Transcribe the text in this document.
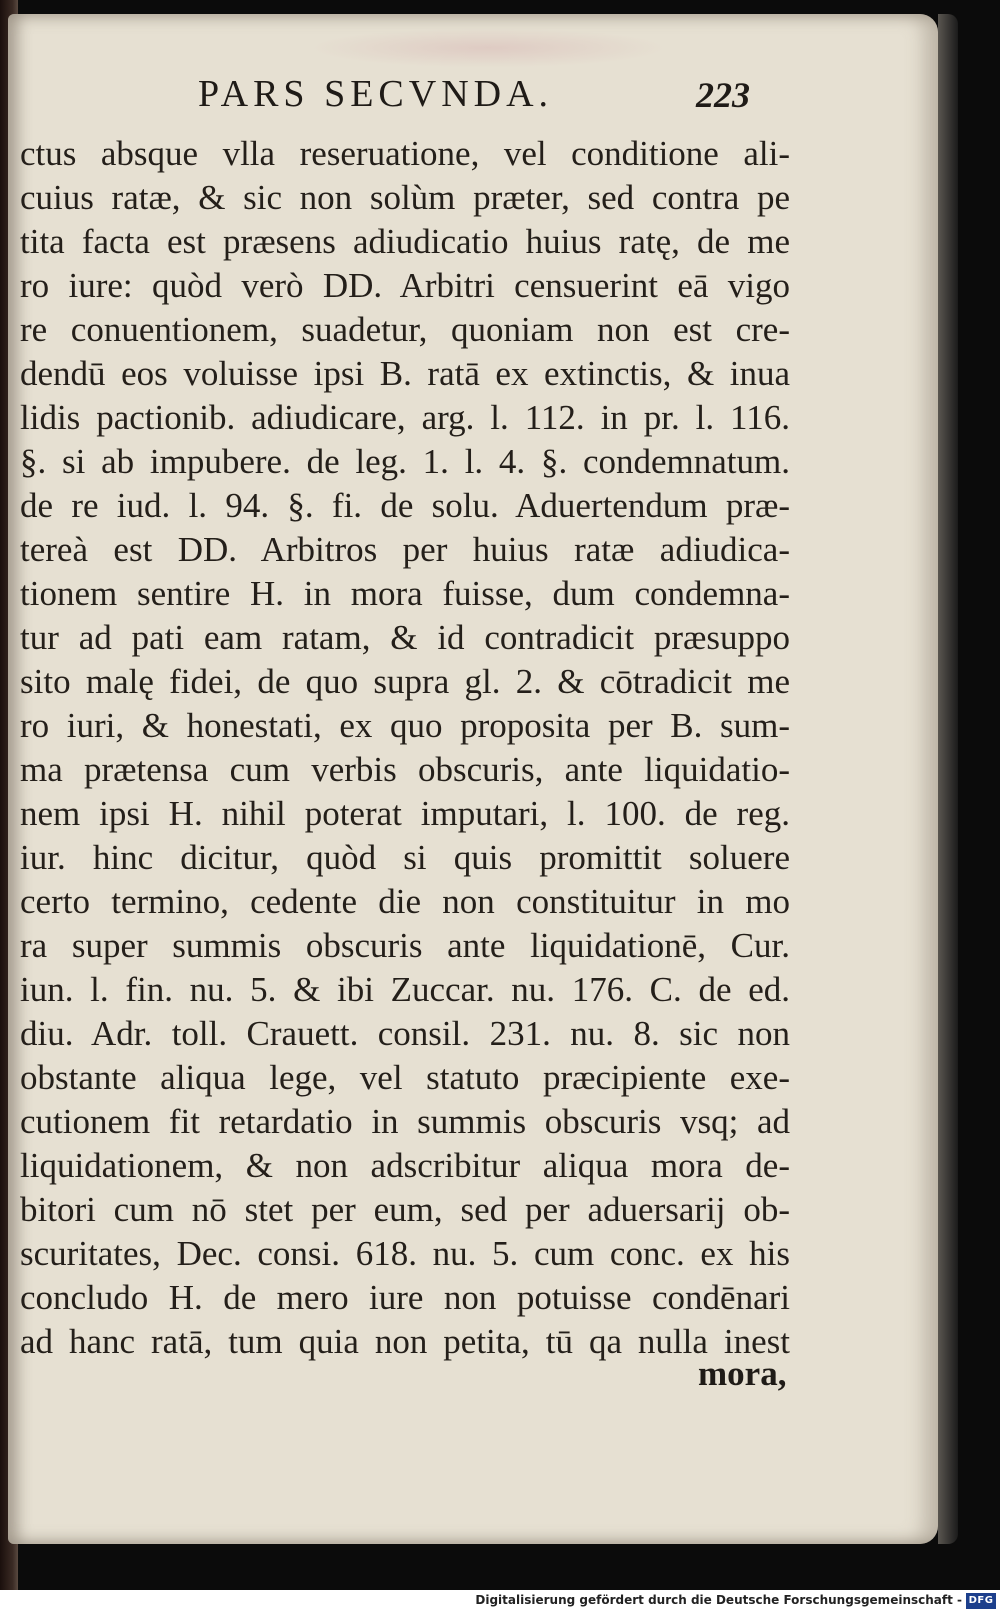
PARS SECVNDA.	223
ctus absque vlla reseruatione, vel conditione ali-
cuius ratæ, & sic non solùm præter, sed contra pe
tita facta est præsens adiudicatio huius ratę, de me
ro iure: quòd verò DD. Arbitri censuerint eā vigo
re conuentionem, suadetur, quoniam non est cre-
dendū eos voluisse ipsi B. ratā ex extinctis, & inua
lidis pactionib. adiudicare, arg. l. 112. in pr. l. 116.
§. si ab impubere. de leg. 1. l. 4. §. condemnatum.
de re iud. l. 94. §. fi. de solu. Aduertendum præ-
tereà est DD. Arbitros per huius ratæ adiudica-
tionem sentire H. in mora fuisse, dum condemna-
tur ad pati eam ratam, & id contradicit præsuppo
sito malę fidei, de quo supra gl. 2. & cōtradicit me
ro iuri, & honestati, ex quo proposita per B. sum-
ma prætensa cum verbis obscuris, ante liquidatio-
nem ipsi H. nihil poterat imputari, l. 100. de reg.
iur. hinc dicitur, quòd si quis promittit soluere
certo termino, cedente die non constituitur in mo
ra super summis obscuris ante liquidationē, Cur.
iun. l. fin. nu. 5. & ibi Zuccar. nu. 176. C. de ed.
diu. Adr. toll. Crauett. consil. 231. nu. 8. sic non
obstante aliqua lege, vel statuto præcipiente exe-
cutionem fit retardatio in summis obscuris vsq; ad
liquidationem, & non adscribitur aliqua mora de-
bitori cum nō stet per eum, sed per aduersarij ob-
scuritates, Dec. consi. 618. nu. 5. cum conc. ex his
concludo H. de mero iure non potuisse condēnari
ad hanc ratā, tum quia non petita, tū qa nulla inest
mora,
Digitalisierung gefördert durch die Deutsche Forschungsgemeinschaft - DFG
